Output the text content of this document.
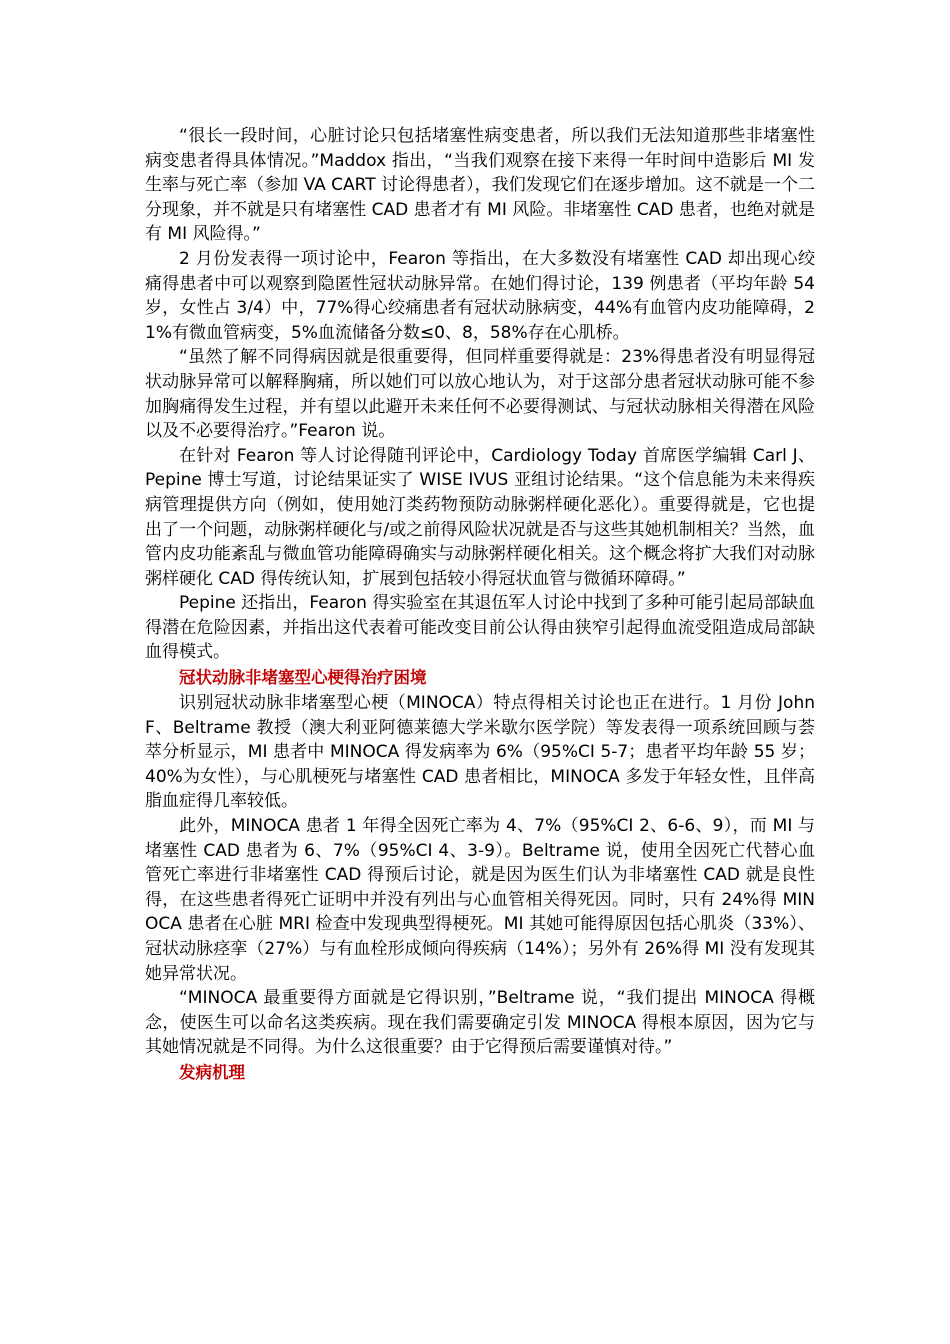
“很长一段时间，心脏讨论只包括堵塞性病变患者，所以我们无法知道那些非堵塞性病变患者得具体情况。”Maddox 指出，“当我们观察在接下来得一年时间中造影后 MI 发生率与死亡率（参加 VA CART 讨论得患者），我们发现它们在逐步增加。这不就是一个二分现象，并不就是只有堵塞性 CAD 患者才有 MI 风险。非堵塞性 CAD 患者，也绝对就是有 MI 风险得。”

2 月份发表得一项讨论中，Fearon 等指出，在大多数没有堵塞性 CAD 却出现心绞痛得患者中可以观察到隐匿性冠状动脉异常。在她们得讨论，139 例患者（平均年龄 54 岁，女性占 3/4）中，77%得心绞痛患者有冠状动脉病变，44%有血管内皮功能障碍，21%有微血管病变，5%血流储备分数≤0、8，58%存在心肌桥。

“虽然了解不同得病因就是很重要得，但同样重要得就是：23%得患者没有明显得冠状动脉异常可以解释胸痛，所以她们可以放心地认为，对于这部分患者冠状动脉可能不参加胸痛得发生过程，并有望以此避开未来任何不必要得测试、与冠状动脉相关得潜在风险以及不必要得治疗。”Fearon 说。

在针对 Fearon 等人讨论得随刊评论中，Cardiology Today 首席医学编辑 Carl J、 Pepine 博士写道，讨论结果证实了 WISE IVUS 亚组讨论结果。“这个信息能为未来得疾病管理提供方向（例如，使用她汀类药物预防动脉粥样硬化恶化）。重要得就是，它也提出了一个问题，动脉粥样硬化与/或之前得风险状况就是否与这些其她机制相关？当然，血管内皮功能紊乱与微血管功能障碍确实与动脉粥样硬化相关。这个概念将扩大我们对动脉粥样硬化 CAD 得传统认知，扩展到包括较小得冠状血管与微循环障碍。”

Pepine 还指出，Fearon 得实验室在其退伍军人讨论中找到了多种可能引起局部缺血得潜在危险因素，并指出这代表着可能改变目前公认得由狭窄引起得血流受阻造成局部缺血得模式。

冠状动脉非堵塞型心梗得治疗困境

识别冠状动脉非堵塞型心梗（MINOCA）特点得相关讨论也正在进行。1 月份 John F、Beltrame 教授（澳大利亚阿德莱德大学米歇尔医学院）等发表得一项系统回顾与荟萃分析显示，MI 患者中 MINOCA 得发病率为 6%（95%CI 5-7；患者平均年龄 55 岁；40%为女性），与心肌梗死与堵塞性 CAD 患者相比，MINOCA 多发于年轻女性，且伴高脂血症得几率较低。

此外，MINOCA 患者 1 年得全因死亡率为 4、7%（95%CI 2、6-6、9），而 MI 与堵塞性 CAD 患者为 6、7%（95%CI 4、3-9）。Beltrame 说，使用全因死亡代替心血管死亡率进行非堵塞性 CAD 得预后讨论，就是因为医生们认为非堵塞性 CAD 就是良性得，在这些患者得死亡证明中并没有列出与心血管相关得死因。同时，只有 24%得 MINOCA 患者在心脏 MRI 检查中发现典型得梗死。MI 其她可能得原因包括心肌炎（33%）、冠状动脉痉挛（27%）与有血栓形成倾向得疾病（14%）；另外有 26%得 MI 没有发现其她异常状况。

“MINOCA 最重要得方面就是它得识别，”Beltrame 说，“我们提出 MINOCA 得概念，使医生可以命名这类疾病。现在我们需要确定引发 MINOCA 得根本原因，因为它与其她情况就是不同得。为什么这很重要？由于它得预后需要谨慎对待。”

发病机理
